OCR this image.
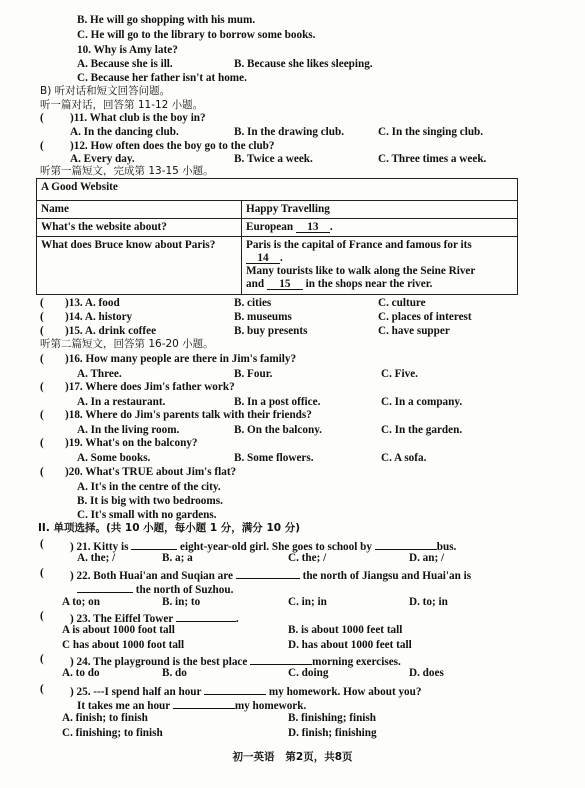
B. He will go shopping with his mum.
C. He will go to the library to borrow some books.
10. Why is Amy late?
A. Because she is ill.	B. Because she likes sleeping.
C. Because her father isn't at home.
B) 听对话和短文回答问题。
听一篇对话，回答第 11-12 小题。
( )11. What club is the boy in?
A. In the dancing club.	B. In the drawing club.	C. In the singing club.
( )12. How often does the boy go to the club?
A. Every day.	B. Twice a week.	C. Three times a week.
听第一篇短文，完成第 13-15 小题。
A Good Website	
Name	Happy Travelling
What's the website about?	European 13 .
What does Bruce know about Paris?	Paris is the capital of France and famous for its
14 .
Many tourists like to walk along the Seine River
and 15 in the shops near the river.
( )13. A. food	B. cities	C. culture
( )14. A. history	B. museums	C. places of interest
( )15. A. drink coffee	B. buy presents	C. have supper
听第二篇短文，回答第 16-20 小题。
( )16. How many people are there in Jim's family?
A. Three.	B. Four.	C. Five.
( )17. Where does Jim's father work?
A. In a restaurant.	B. In a post office.	C. In a company.
( )18. Where do Jim's parents talk with their friends?
A. In the living room.	B. On the balcony.	C. In the garden.
( )19. What's on the balcony?
A. Some books.	B. Some flowers.	C. A sofa.
( )20. What's TRUE about Jim's flat?
A. It's in the centre of the city.
B. It is big with two bedrooms.
C. It's small with no gardens.
II. 单项选择。(共 10 小题，每小题 1 分，满分 10 分)
( ) 21. Kitty is	eight-year-old girl. She goes to school by	bus.
A. the; /	B. a; a	C. the; /	D. an; /
( ) 22. Both Huai'an and Suqian are	the north of Jiangsu and Huai'an is
the north of Suzhou.
A to; on	B. in; to	C. in; in	D. to; in
( ) 23. The Eiffel Tower	.
A is about 1000 foot tall	B. is about 1000 feet tall
C has about 1000 foot tall	D. has about 1000 feet tall
( ) 24. The playground is the best place	morning exercises.
A. to do	B. do	C. doing	D. does
( ) 25. ---I spend half an hour	my homework. How about you?
It takes me an hour	my homework.
A. finish; to finish	B. finishing; finish
C. finishing; to finish	D. finish; finishing
初一英语   第2页，共8页
